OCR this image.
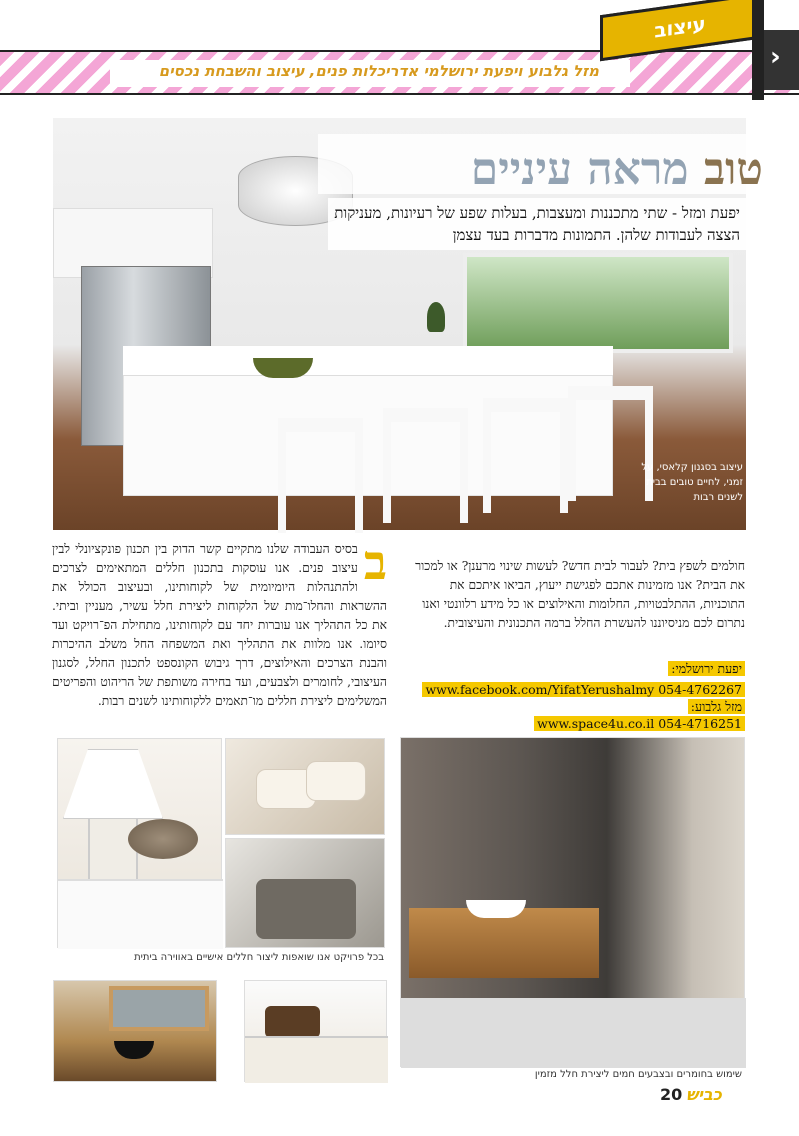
מזל גלבוע ויפעת ירושלמי אדריכלות פנים, עיצוב והשבחת נכסים
עיצוב
›
טוב מראה עיניים
יפעת ומזל - שתי מתכננות ומעצבות, בעלות שפע של רעיונות, מעניקות הצצה לעבודות שלהן. התמונות מדברות בעד עצמן
עיצוב בסגנון קלאסי, על זמני, לחיים טובים בבית לשנים רבות
ב
בסיס העבודה שלנו מתקיים קשר הדוק בין תכנון פונקציונלי לבין עיצוב פנים. אנו עוסקות בתכנון חללים המתאימים לצרכים ולהתנהלות היומיומית של לקוחותינו, ובעיצוב הכולל את ההשראות והחלו־מות של הלקוחות ליצירת חלל עשיר, מעניין וביתי. את כל התהליך אנו עוברות יחד עם לקוחותינו, מתחילת הפ־רויקט ועד סיומו. אנו מלוות את התהליך ואת המשפחה החל משלב ההיכרות והבנת הצרכים והאילוצים, דרך גיבוש הקונספט לתכנון החלל, לסגנון העיצובי, לחומרים ולצבעים, ועד בחירה משותפת של הריהוט והפריטים המשלימים ליצירת חללים מו־תאמים ללקוחותינו לשנים רבות.
חולמים לשפץ בית? לעבור לבית חדש? לעשות שינוי מרענן? או למכור את הבית? אנו מזמינות אתכם לפגישת ייעוץ, הביאו איתכם את התוכניות, ההתלבטויות, החלומות והאילוצים או כל מידע רלוונטי ואנו נתרום לכם מניסיוננו להעשרת החלל ברמה התכנונית והעיצובית.
יפעת ירושלמי:
www.facebook.com/YifatYerushalmy 054-4762267
מזל גלבוע:
www.space4u.co.il 054-4716251
בכל פרויקט אנו שואפות ליצור חללים אישיים באווירה ביתית
שימוש בחומרים ובצבעים חמים ליצירת חלל מזמין
20 כביש
